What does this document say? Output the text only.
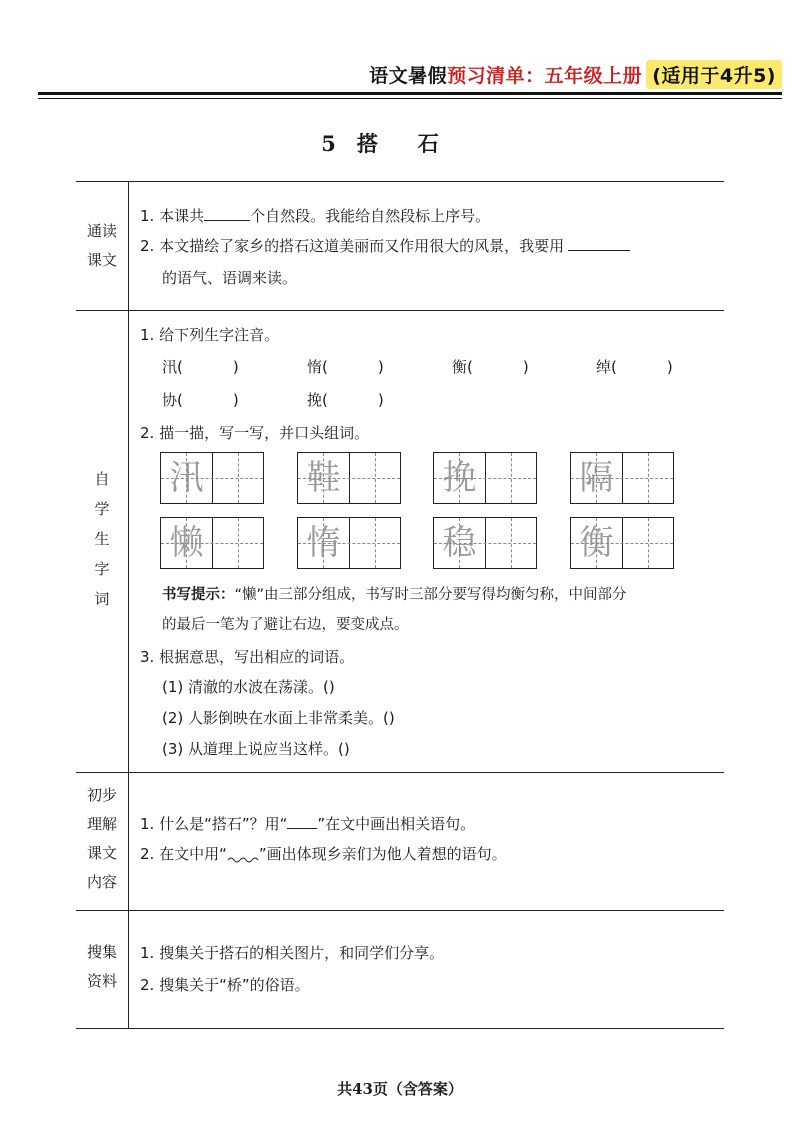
语文暑假预习清单：五年级上册 (适用于4升5)
5 搭石
通读
课文
1. 本课共	个自然段。我能给自然段标上序号。
2. 本文描绘了家乡的搭石这道美丽而又作用很大的风景，我要用
的语气、语调来读。
自
学
生
字
词
1. 给下列生字注音。
汛(	)	惰(	)	衡(	)	绰(	)
协(	)	挽(	)
2. 描一描，写一写，并口头组词。
汛	鞋	挽	隔
懒	惰	稳	衡
书写提示：“懒”由三部分组成，书写时三部分要写得均衡匀称，中间部分
的最后一笔为了避让右边，要变成点。
3. 根据意思，写出相应的词语。
(1) 清澈的水波在荡漾。()
(2) 人影倒映在水面上非常柔美。()
(3) 从道理上说应当这样。()
初步
理解
课文
内容
1. 什么是“搭石”？用“ ”在文中画出相关语句。
2. 在文中用“ ”画出体现乡亲们为他人着想的语句。
搜集
资料
1. 搜集关于搭石的相关图片，和同学们分享。
2. 搜集关于“桥”的俗语。
共43页（含答案）
